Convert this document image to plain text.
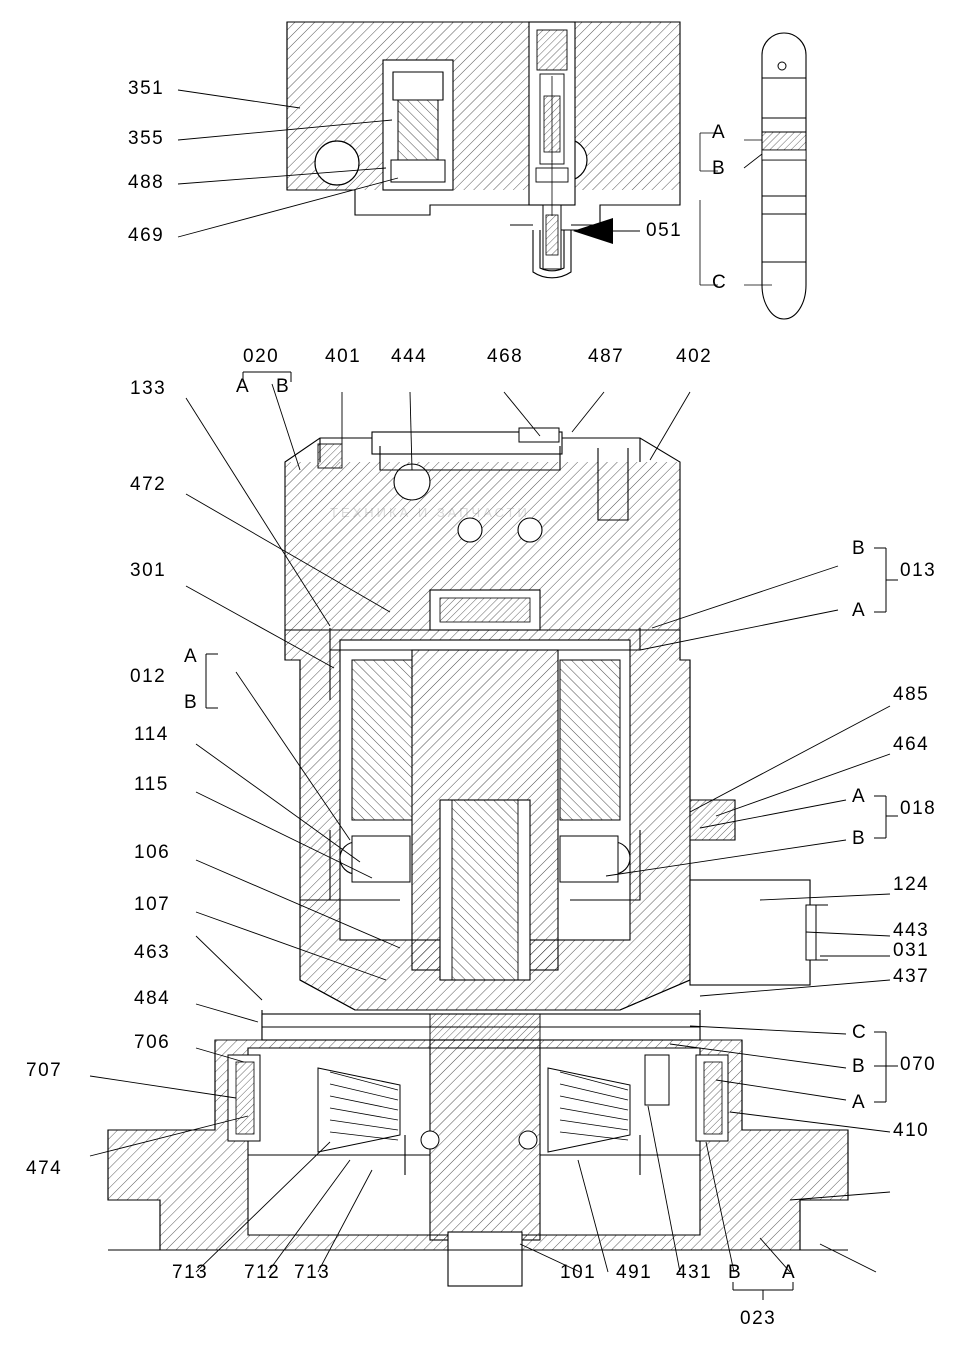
ТЕХНИКА И ЗАПЧАСТИ
351
355
488
469	051
A
B
C
020
A B
401 444	468	487	402
133
472
301
012
A
B
114
115
106
107
463
484
706
707
474
B
013
A
485
464
A
018
B
124
443
031
437
C
B 070
A
410
713 712 713	101 491 431 B A
023
